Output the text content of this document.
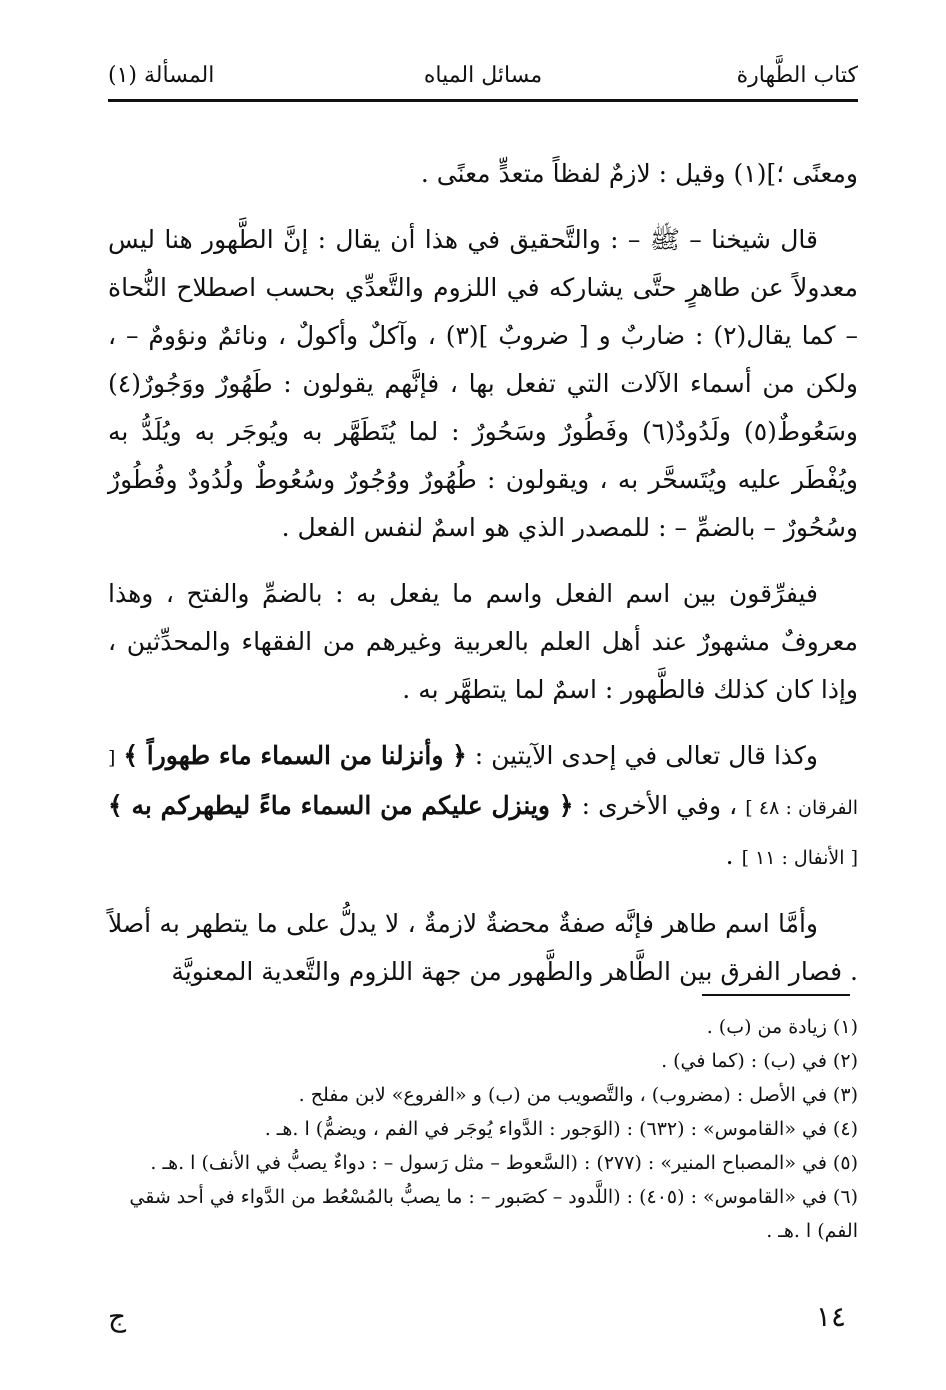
كتاب الطَّهارة
مسائل المياه
المسألة (١)

ومعنًى ؛](١) وقيل : لازمٌ لفظاً متعدٍّ معنًى .

قال شيخنا – ﷺ – : والتَّحقيق في هذا أن يقال : إنَّ الطَّهور هنا ليس معدولاً عن طاهرٍ حتَّى يشاركه في اللزوم والتَّعدِّي بحسب اصطلاح النُّحاة – كما يقال(٢) : ضاربٌ و [ ضروبٌ ](٣) ، وآكلٌ وأكولٌ ، ونائمٌ ونؤومٌ – ، ولكن من أسماء الآلات التي تفعل بها ، فإنَّهم يقولون : طَهُورٌ ووَجُورٌ(٤) وسَعُوطٌ(٥) ولَدُودٌ(٦) وفَطُورٌ وسَحُورٌ : لما يُتَطَهَّر به ويُوجَر به ويُلَدُّ به ويُفْطَر عليه ويُتَسحَّر به ، ويقولون : طُهُورٌ ووُجُورٌ وسُعُوطٌ ولُدُودٌ وفُطُورٌ وسُحُورٌ – بالضمِّ – : للمصدر الذي هو اسمٌ لنفس الفعل .

فيفرِّقون بين اسم الفعل واسم ما يفعل به : بالضمِّ والفتح ، وهذا معروفٌ مشهورٌ عند أهل العلم بالعربية وغيرهم من الفقهاء والمحدِّثين ، وإذا كان كذلك فالطَّهور : اسمٌ لما يتطهَّر به .

وكذا قال تعالى في إحدى الآيتين : ﴿ وأنزلنا من السماء ماء طهوراً ﴾ [ الفرقان : ٤٨ ] ، وفي الأخرى : ﴿ وينزل عليكم من السماء ماءً ليطهركم به ﴾ [ الأنفال : ١١ ] .

وأمَّا اسم طاهر فإنَّه صفةٌ محضةٌ لازمةٌ ، لا يدلُّ على ما يتطهر به أصلاً . فصار الفرق بين الطَّاهر والطَّهور من جهة اللزوم والتَّعدية المعنويَّة

(١) زيادة من (ب) .
(٢) في (ب) : (كما في) .
(٣) في الأصل : (مضروب) ، والتَّصويب من (ب) و «الفروع» لابن مفلح .
(٤) في «القاموس» : (٦٣٢) : (الوَجور : الدَّواء يُوجَر في الفم ، ويضمُّ) ا .هـ .
(٥) في «المصباح المنير» : (٢٧٧) : (السَّعوط – مثل رَسول – : دواءٌ يصبُّ في الأنف) ا .هـ .
(٦) في «القاموس» : (٤٠٥) : (اللَّدود – كصَبور – : ما يصبُّ بالمُسْعُط من الدَّواء في أحد شقي الفم) ا .هـ .
١٤
ج
